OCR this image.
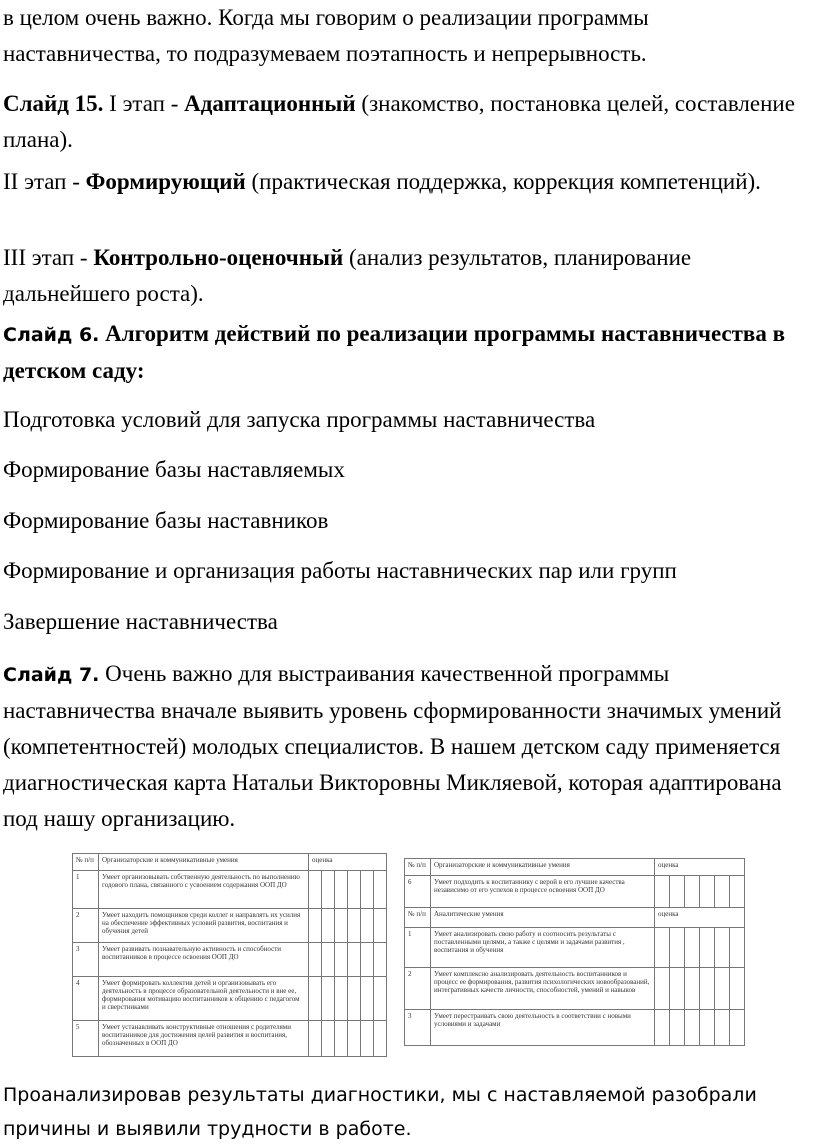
в целом очень важно. Когда мы говорим о реализации программы наставничества, то подразумеваем поэтапность и непрерывность.

Слайд 15. I этап - Адаптационный (знакомство, постановка целей, составление плана).

II этап - Формирующий (практическая поддержка, коррекция компетенций).

III этап - Контрольно-оценочный (анализ результатов, планирование дальнейшего роста).

Слайд 6. Алгоритм действий по реализации программы наставничества в детском саду:

Подготовка условий для запуска программы наставничества

Формирование базы наставляемых

Формирование базы наставников

Формирование и организация работы наставнических пар или групп

Завершение наставничества

Слайд 7. Очень важно для выстраивания качественной программы наставничества вначале выявить уровень сформированности значимых умений (компетентностей) молодых специалистов. В нашем детском саду применяется диагностическая карта Натальи Викторовны Микляевой, которая адаптирована под нашу организацию.

№ п/п	Организаторские и коммуникативные умения	оценка					
1	Умеет организовывать собственную деятельность по выполнению годового плана, связанного с усвоением содержания ООП ДО						
2	Умеет находить помощников среди коллег и направлять их усилия на обеспечение эффективных условий развития, воспитания и обучения детей						
3	Умеет развивать познавательную активность и способности воспитанников в процессе освоения ООП ДО						
4	Умеет формировать коллектив детей и организовывать его деятельность в процессе образовательной деятельности и вне ее, формирования мотивацию воспитанников к общению с педагогом и сверстниками						
5	Умеет устанавливать конструктивные отношения с родителями воспитанников для достижения целей развития и воспитания, обозначенных в ООП ДО						
№ п/п	Организаторские и коммуникативные умения	оценка					
6	Умеет подходить к воспитаннику с верой в его лучшие качества независимо от его успехов в процессе освоения ООП ДО						
№ п/п	Аналитические умения	оценка					
1	Умеет анализировать свою работу и соотносить результаты с поставленными целями, а также с целями и задачами развития , воспитания и обучения						
2	Умеет комплексно анализировать деятельность воспитанников и процесс ее формирования, развития психологических новообразований, интегративных качеств личности, способностей, умений и навыков						
3	Умеет перестраивать свою деятельность в соответствии с новыми условиями и задачами						

Проанализировав результаты диагностики, мы с наставляемой разобрали причины и выявили трудности в работе.
